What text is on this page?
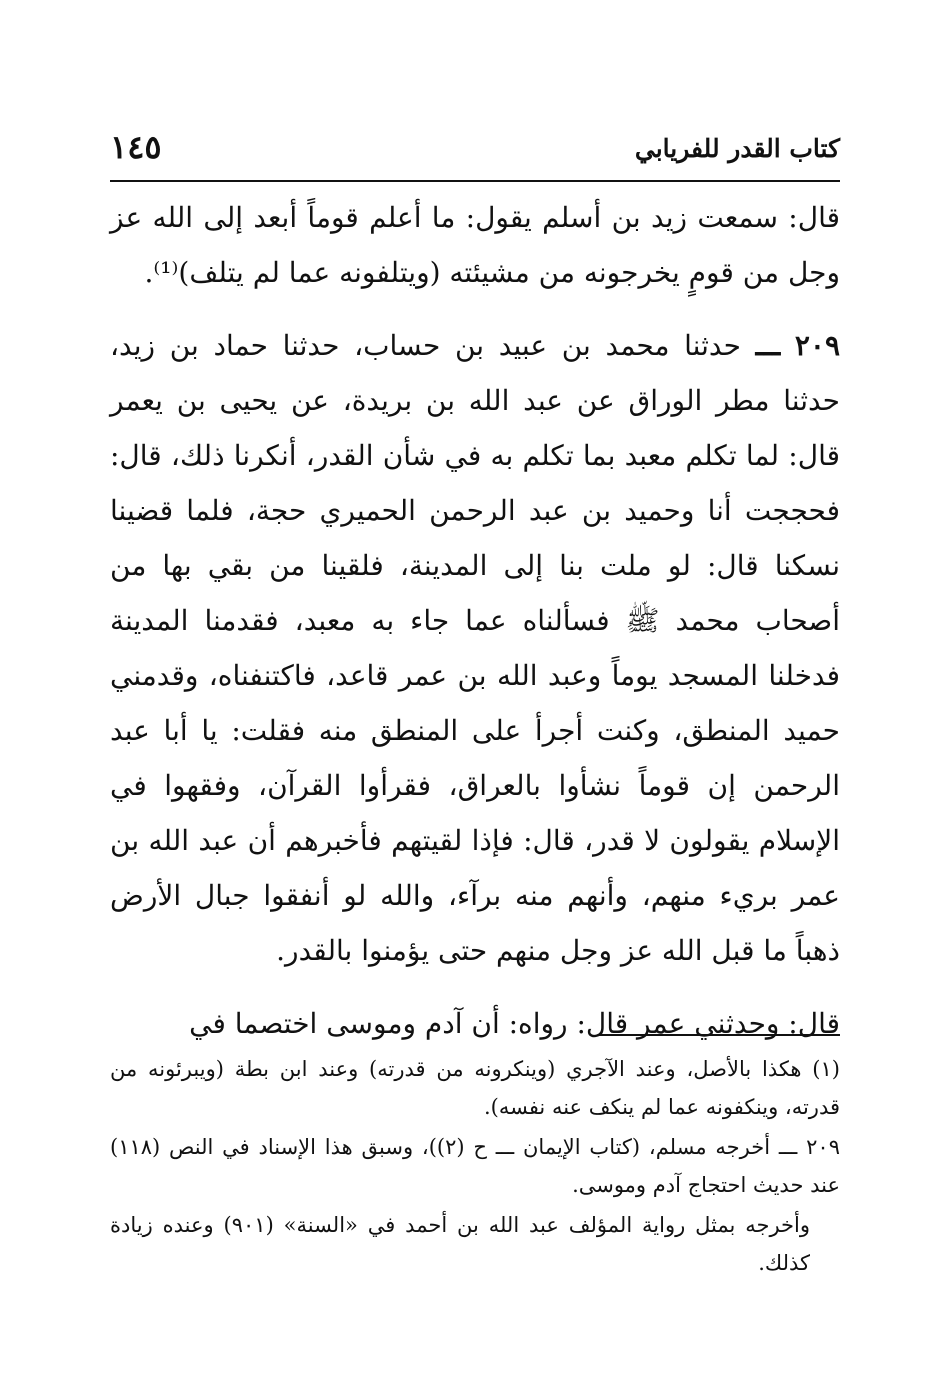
كتاب القدر للفريابي
١٤٥

قال: سمعت زيد بن أسلم يقول: ما أعلم قوماً أبعد إلى الله عز وجل من قومٍ يخرجونه من مشيئته (ويتلفونه عما لم يتلف)⁽¹⁾.

٢٠٩ ـــ حدثنا محمد بن عبيد بن حساب، حدثنا حماد بن زيد، حدثنا مطر الوراق عن عبد الله بن بريدة، عن يحيى بن يعمر قال: لما تكلم معبد بما تكلم به في شأن القدر، أنكرنا ذلك، قال: فحججت أنا وحميد بن عبد الرحمن الحميري حجة، فلما قضينا نسكنا قال: لو ملت بنا إلى المدينة، فلقينا من بقي بها من أصحاب محمد ﷺ فسألناه عما جاء به معبد، فقدمنا المدينة فدخلنا المسجد يوماً وعبد الله بن عمر قاعد، فاكتنفناه، وقدمني حميد المنطق، وكنت أجرأ على المنطق منه فقلت: يا أبا عبد الرحمن إن قوماً نشأوا بالعراق، فقرأوا القرآن، وفقهوا في الإسلام يقولون لا قدر، قال: فإذا لقيتهم فأخبرهم أن عبد الله بن عمر بريء منهم، وأنهم منه برآء، والله لو أنفقوا جبال الأرض ذهباً ما قبل الله عز وجل منهم حتى يؤمنوا بالقدر.

قال: وحدثني عمر قال: رواه: أن آدم وموسى اختصما في

(١) هكذا بالأصل، وعند الآجري (وينكرونه من قدرته) وعند ابن بطة (ويبرئونه من قدرته، وينكفونه عما لم ينكف عنه نفسه).

٢٠٩ ـــ أخرجه مسلم، (كتاب الإيمان ـــ ح (٢))، وسبق هذا الإسناد في النص (١١٨) عند حديث احتجاج آدم وموسى.

وأخرجه بمثل رواية المؤلف عبد الله بن أحمد في «السنة» (٩٠١) وعنده زيادة كذلك.
